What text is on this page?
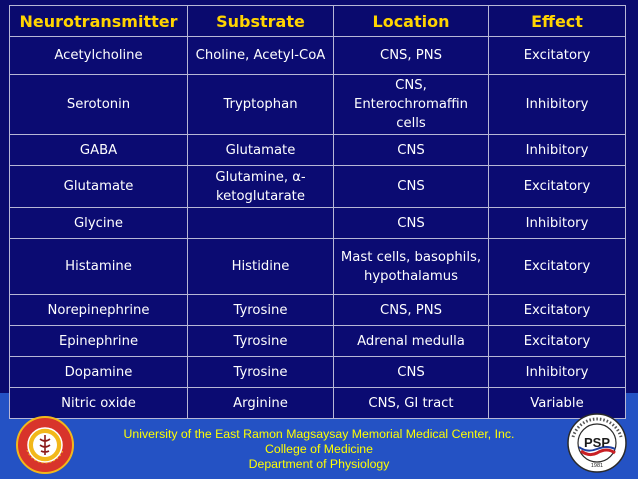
Neurotransmitter	Substrate	Location	Effect
Acetylcholine	Choline, Acetyl-CoA	CNS, PNS	Excitatory
Serotonin	Tryptophan	CNS, Enterochromaffin cells	Inhibitory
GABA	Glutamate	CNS	Inhibitory
Glutamate	Glutamine, α-ketoglutarate	CNS	Excitatory
Glycine		CNS	Inhibitory
Histamine	Histidine	Mast cells, basophils, hypothalamus	Excitatory
Norepinephrine	Tyrosine	CNS, PNS	Excitatory
Epinephrine	Tyrosine	Adrenal medulla	Excitatory
Dopamine	Tyrosine	CNS	Inhibitory
Nitric oxide	Arginine	CNS, GI tract	Variable
PSP
1981
University of the East Ramon Magsaysay Memorial Medical Center, Inc.
College of Medicine
Department of Physiology
